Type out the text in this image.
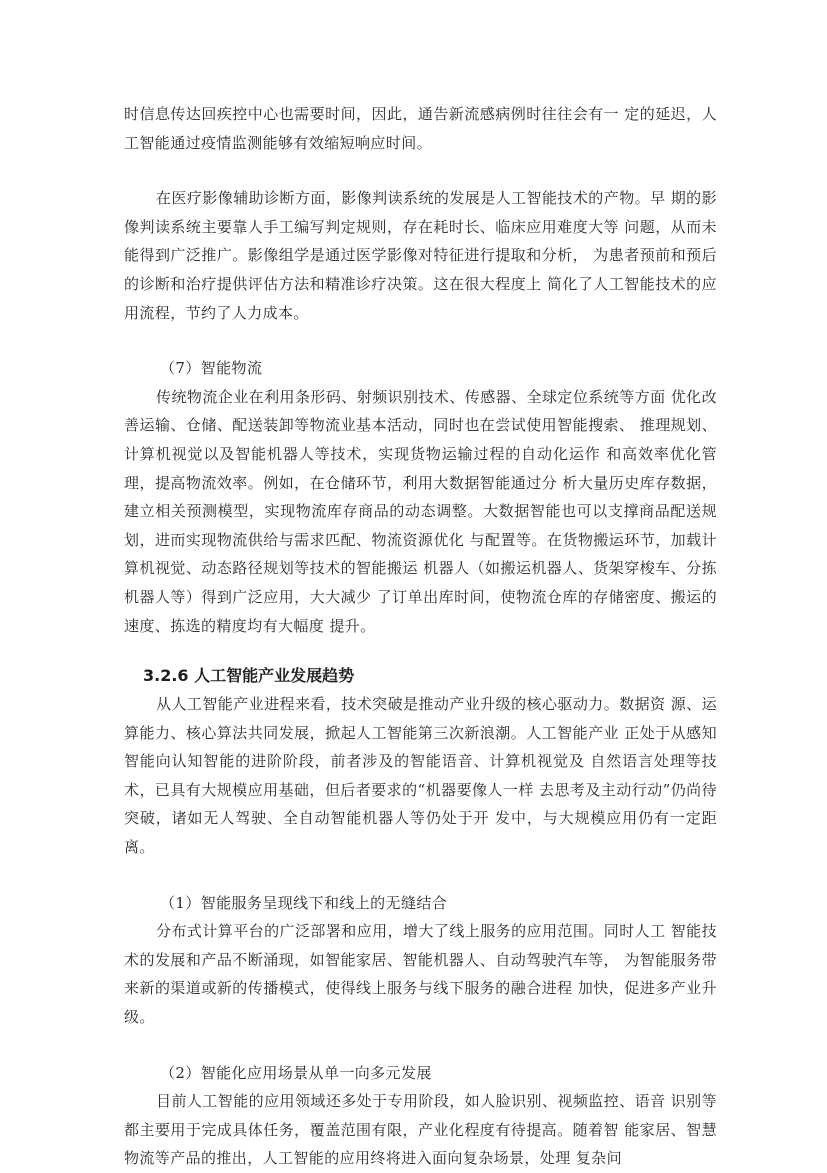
时信息传达回疾控中心也需要时间，因此，通告新流感病例时往往会有一 定的延迟，人工智能通过疫情监测能够有效缩短响应时间。

在医疗影像辅助诊断方面，影像判读系统的发展是人工智能技术的产物。早 期的影像判读系统主要靠人手工编写判定规则，存在耗时长、临床应用难度大等 问题，从而未能得到广泛推广。影像组学是通过医学影像对特征进行提取和分析， 为患者预前和预后的诊断和治疗提供评估方法和精准诊疗决策。这在很大程度上 简化了人工智能技术的应用流程，节约了人力成本。

（7）智能物流

传统物流企业在利用条形码、射频识别技术、传感器、全球定位系统等方面 优化改善运输、仓储、配送装卸等物流业基本活动，同时也在尝试使用智能搜索、 推理规划、计算机视觉以及智能机器人等技术，实现货物运输过程的自动化运作 和高效率优化管理，提高物流效率。例如，在仓储环节，利用大数据智能通过分 析大量历史库存数据，建立相关预测模型，实现物流库存商品的动态调整。大数据智能也可以支撑商品配送规划，进而实现物流供给与需求匹配、物流资源优化 与配置等。在货物搬运环节，加载计算机视觉、动态路径规划等技术的智能搬运 机器人（如搬运机器人、货架穿梭车、分拣机器人等）得到广泛应用，大大减少 了订单出库时间，使物流仓库的存储密度、搬运的速度、拣选的精度均有大幅度 提升。

3.2.6 人工智能产业发展趋势

从人工智能产业进程来看，技术突破是推动产业升级的核心驱动力。数据资 源、运算能力、核心算法共同发展，掀起人工智能第三次新浪潮。人工智能产业 正处于从感知智能向认知智能的进阶阶段，前者涉及的智能语音、计算机视觉及 自然语言处理等技术，已具有大规模应用基础，但后者要求的“机器要像人一样 去思考及主动行动”仍尚待突破，诸如无人驾驶、全自动智能机器人等仍处于开 发中，与大规模应用仍有一定距离。

（1）智能服务呈现线下和线上的无缝结合

分布式计算平台的广泛部署和应用，增大了线上服务的应用范围。同时人工 智能技术的发展和产品不断涌现，如智能家居、智能机器人、自动驾驶汽车等， 为智能服务带来新的渠道或新的传播模式，使得线上服务与线下服务的融合进程 加快，促进多产业升级。

（2）智能化应用场景从单一向多元发展

目前人工智能的应用领域还多处于专用阶段，如人脸识别、视频监控、语音 识别等都主要用于完成具体任务，覆盖范围有限，产业化程度有待提高。随着智 能家居、智慧物流等产品的推出，人工智能的应用终将进入面向复杂场景，处理 复杂问
